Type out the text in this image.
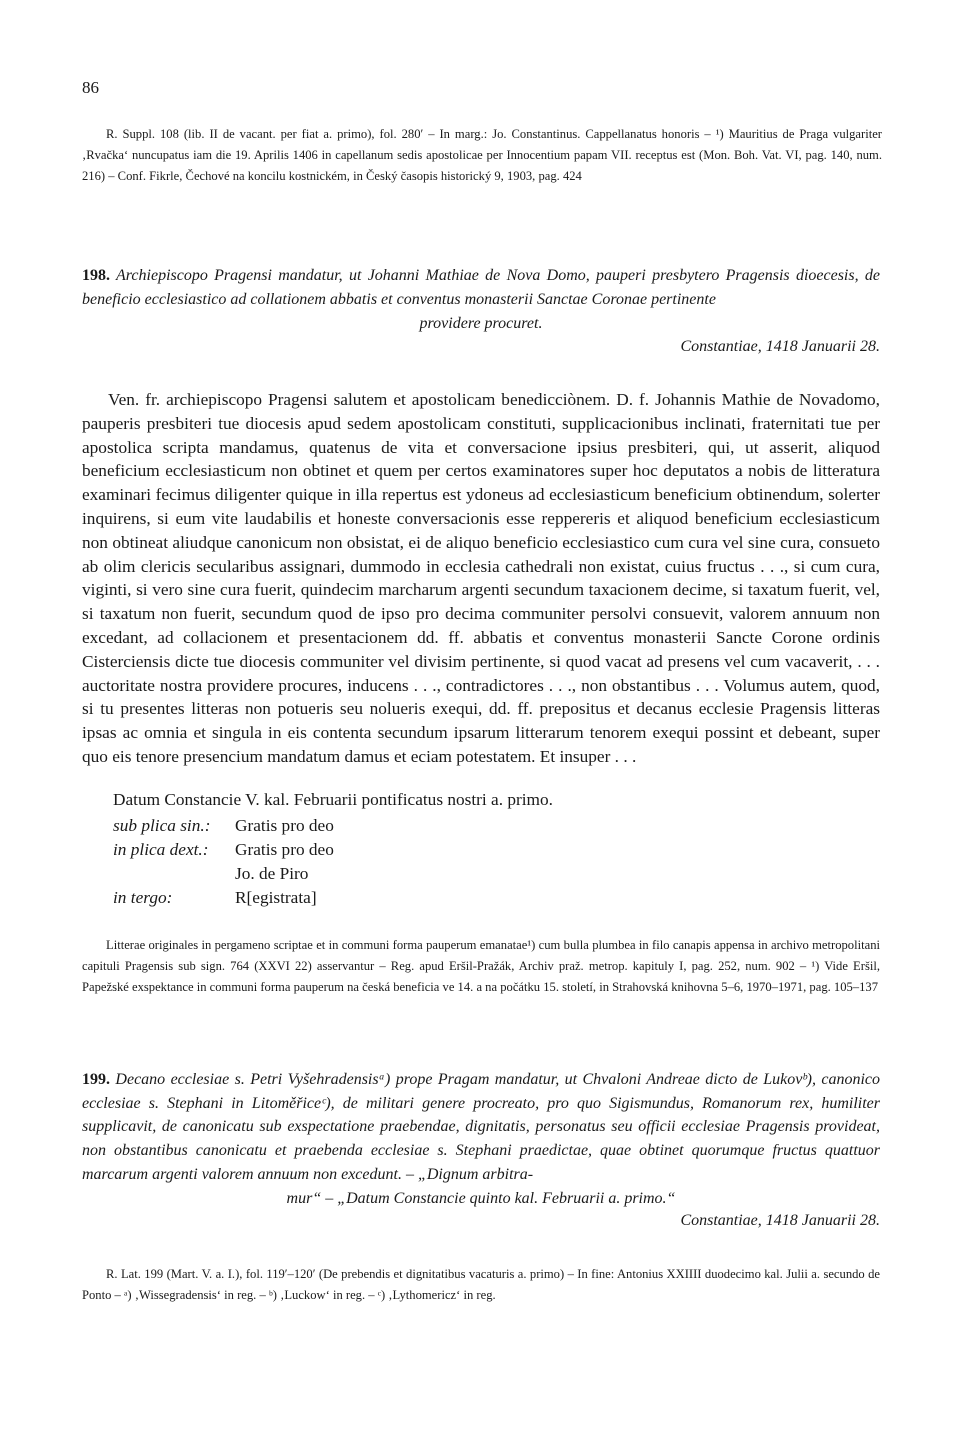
86
R. Suppl. 108 (lib. II de vacant. per fiat a. primo), fol. 280′ – In marg.: Jo. Constantinus. Cappellanatus honoris – ¹) Mauritius de Praga vulgariter ‚Rvačka‘ nuncupatus iam die 19. Aprilis 1406 in capellanum sedis apostolicae per Innocentium papam VII. receptus est (Mon. Boh. Vat. VI, pag. 140, num. 216) – Conf. Fikrle, Čechové na koncilu kostnickém, in Český časopis historický 9, 1903, pag. 424
198. Archiepiscopo Pragensi mandatur, ut Johanni Mathiae de Nova Domo, pauperi presbytero Pragensis dioecesis, de beneficio ecclesiastico ad collationem abbatis et conventus monasterii Sanctae Coronae pertinente
providere procuret.
Constantiae, 1418 Januarii 28.
Ven. fr. archiepiscopo Pragensi salutem et apostolicam benedicciònem. D. f. Johannis Mathie de Novadomo, pauperis presbiteri tue diocesis apud sedem apostolicam constituti, supplicacionibus inclinati, fraternitati tue per apostolica scripta mandamus, quatenus de vita et conversacione ipsius presbiteri, qui, ut asserit, aliquod beneficium ecclesiasticum non obtinet et quem per certos examinatores super hoc deputatos a nobis de litteratura examinari fecimus diligenter quique in illa repertus est ydoneus ad ecclesiasticum beneficium obtinendum, solerter inquirens, si eum vite laudabilis et honeste conversacionis esse reppereris et aliquod beneficium ecclesiasticum non obtineat aliudque canonicum non obsistat, ei de aliquo beneficio ecclesiastico cum cura vel sine cura, consueto ab olim clericis secularibus assignari, dummodo in ecclesia cathedrali non existat, cuius fructus . . ., si cum cura, viginti, si vero sine cura fuerit, quindecim marcharum argenti secundum taxacionem decime, si taxatum fuerit, vel, si taxatum non fuerit, secundum quod de ipso pro decima communiter persolvi consuevit, valorem annuum non excedant, ad collacionem et presentacionem dd. ff. abbatis et conventus monasterii Sancte Corone ordinis Cisterciensis dicte tue diocesis communiter vel divisim pertinente, si quod vacat ad presens vel cum vacaverit, . . . auctoritate nostra providere procures, inducens . . ., contradictores . . ., non obstantibus . . . Volumus autem, quod, si tu presentes litteras non potueris seu nolueris exequi, dd. ff. prepositus et decanus ecclesie Pragensis litteras ipsas ac omnia et singula in eis contenta secundum ipsarum litterarum tenorem exequi possint et debeant, super quo eis tenore presencium mandatum damus et eciam potestatem. Et insuper . . .
Datum Constancie V. kal. Februarii pontificatus nostri a. primo.
sub plica sin.: Gratis pro deo
in plica dext.: Gratis pro deo
Jo. de Piro
in tergo:	R[egistrata]
Litterae originales in pergameno scriptae et in communi forma pauperum emanatae¹) cum bulla plumbea in filo canapis appensa in archivo metropolitani capituli Pragensis sub sign. 764 (XXVI 22) asservantur – Reg. apud Eršil-Pražák, Archiv praž. metrop. kapituly I, pag. 252, num. 902 – ¹) Vide Eršil, Papežské exspektance in communi forma pauperum na česká beneficia ve 14. a na počátku 15. století, in Strahovská knihovna 5–6, 1970–1971, pag. 105–137
199. Decano ecclesiae s. Petri Vyšehradensisᵃ) prope Pragam mandatur, ut Chvaloni Andreae dicto de Lukovᵇ), canonico ecclesiae s. Stephani in Litoměřiceᶜ), de militari genere procreato, pro quo Sigismundus, Romanorum rex, humiliter supplicavit, de canonicatu sub exspectatione praebendae, dignitatis, personatus seu officii ecclesiae Pragensis provideat, non obstantibus canonicatu et praebenda ecclesiae s. Stephani praedictae, quae obtinet quorumque fructus quattuor marcarum argenti valorem annuum non excedunt. – „Dignum arbitra-
mur“ – „Datum Constancie quinto kal. Februarii a. primo.“
Constantiae, 1418 Januarii 28.
R. Lat. 199 (Mart. V. a. I.), fol. 119′–120′ (De prebendis et dignitatibus vacaturis a. primo) – In fine: Antonius XXIIII duodecimo kal. Julii a. secundo de Ponto – ᵃ) ‚Wissegradensis‘ in reg. – ᵇ) ‚Luckow‘ in reg. – ᶜ) ‚Lythomericz‘ in reg.
